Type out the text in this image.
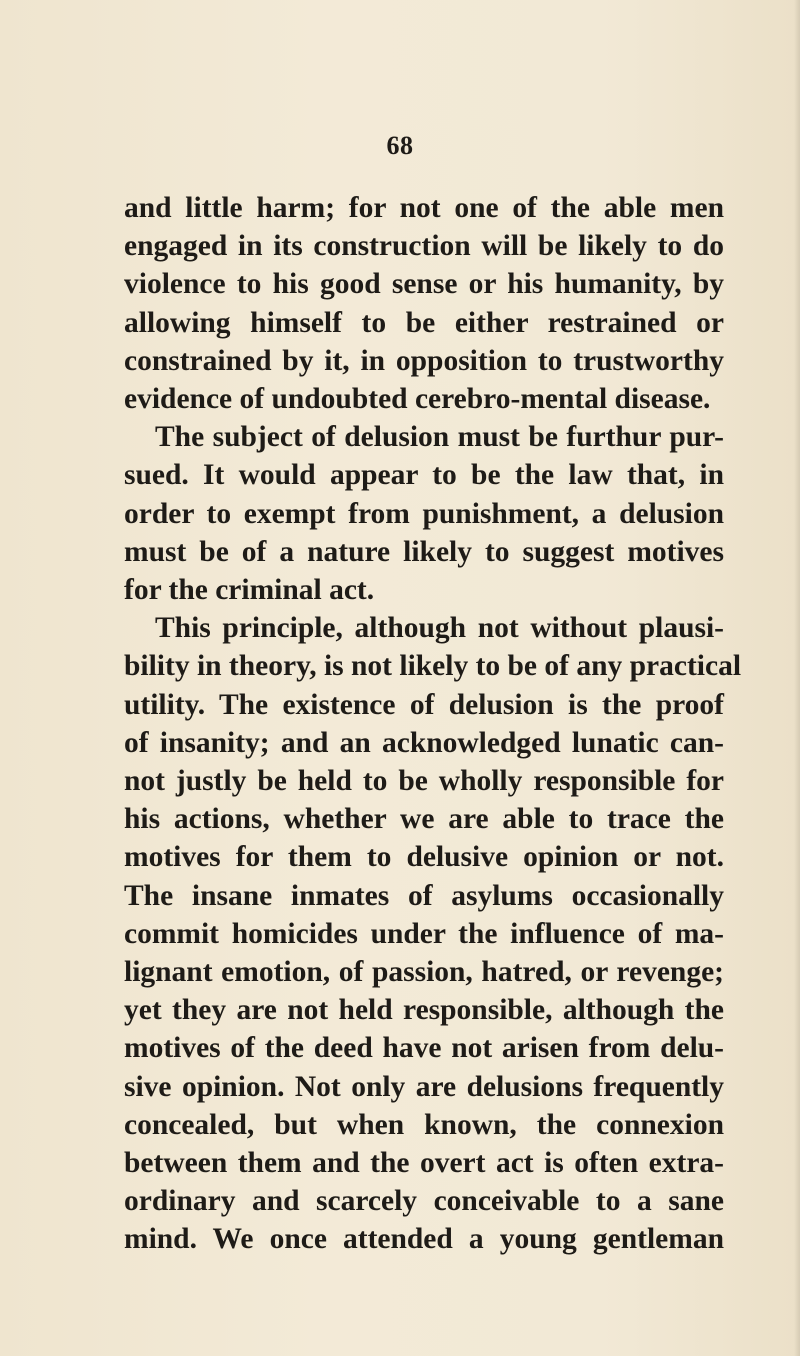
68
and little harm; for not one of the able men
engaged in its construction will be likely to do
violence to his good sense or his humanity, by
allowing himself to be either restrained or
constrained by it, in opposition to trustworthy
evidence of undoubted cerebro-mental disease.
The subject of delusion must be furthur pur-
sued. It would appear to be the law that, in
order to exempt from punishment, a delusion
must be of a nature likely to suggest motives
for the criminal act.
This principle, although not without plausi-
bility in theory, is not likely to be of any practical
utility. The existence of delusion is the proof
of insanity; and an acknowledged lunatic can-
not justly be held to be wholly responsible for
his actions, whether we are able to trace the
motives for them to delusive opinion or not.
The insane inmates of asylums occasionally
commit homicides under the influence of ma-
lignant emotion, of passion, hatred, or revenge;
yet they are not held responsible, although the
motives of the deed have not arisen from delu-
sive opinion. Not only are delusions frequently
concealed, but when known, the connexion
between them and the overt act is often extra-
ordinary and scarcely conceivable to a sane
mind. We once attended a young gentleman
